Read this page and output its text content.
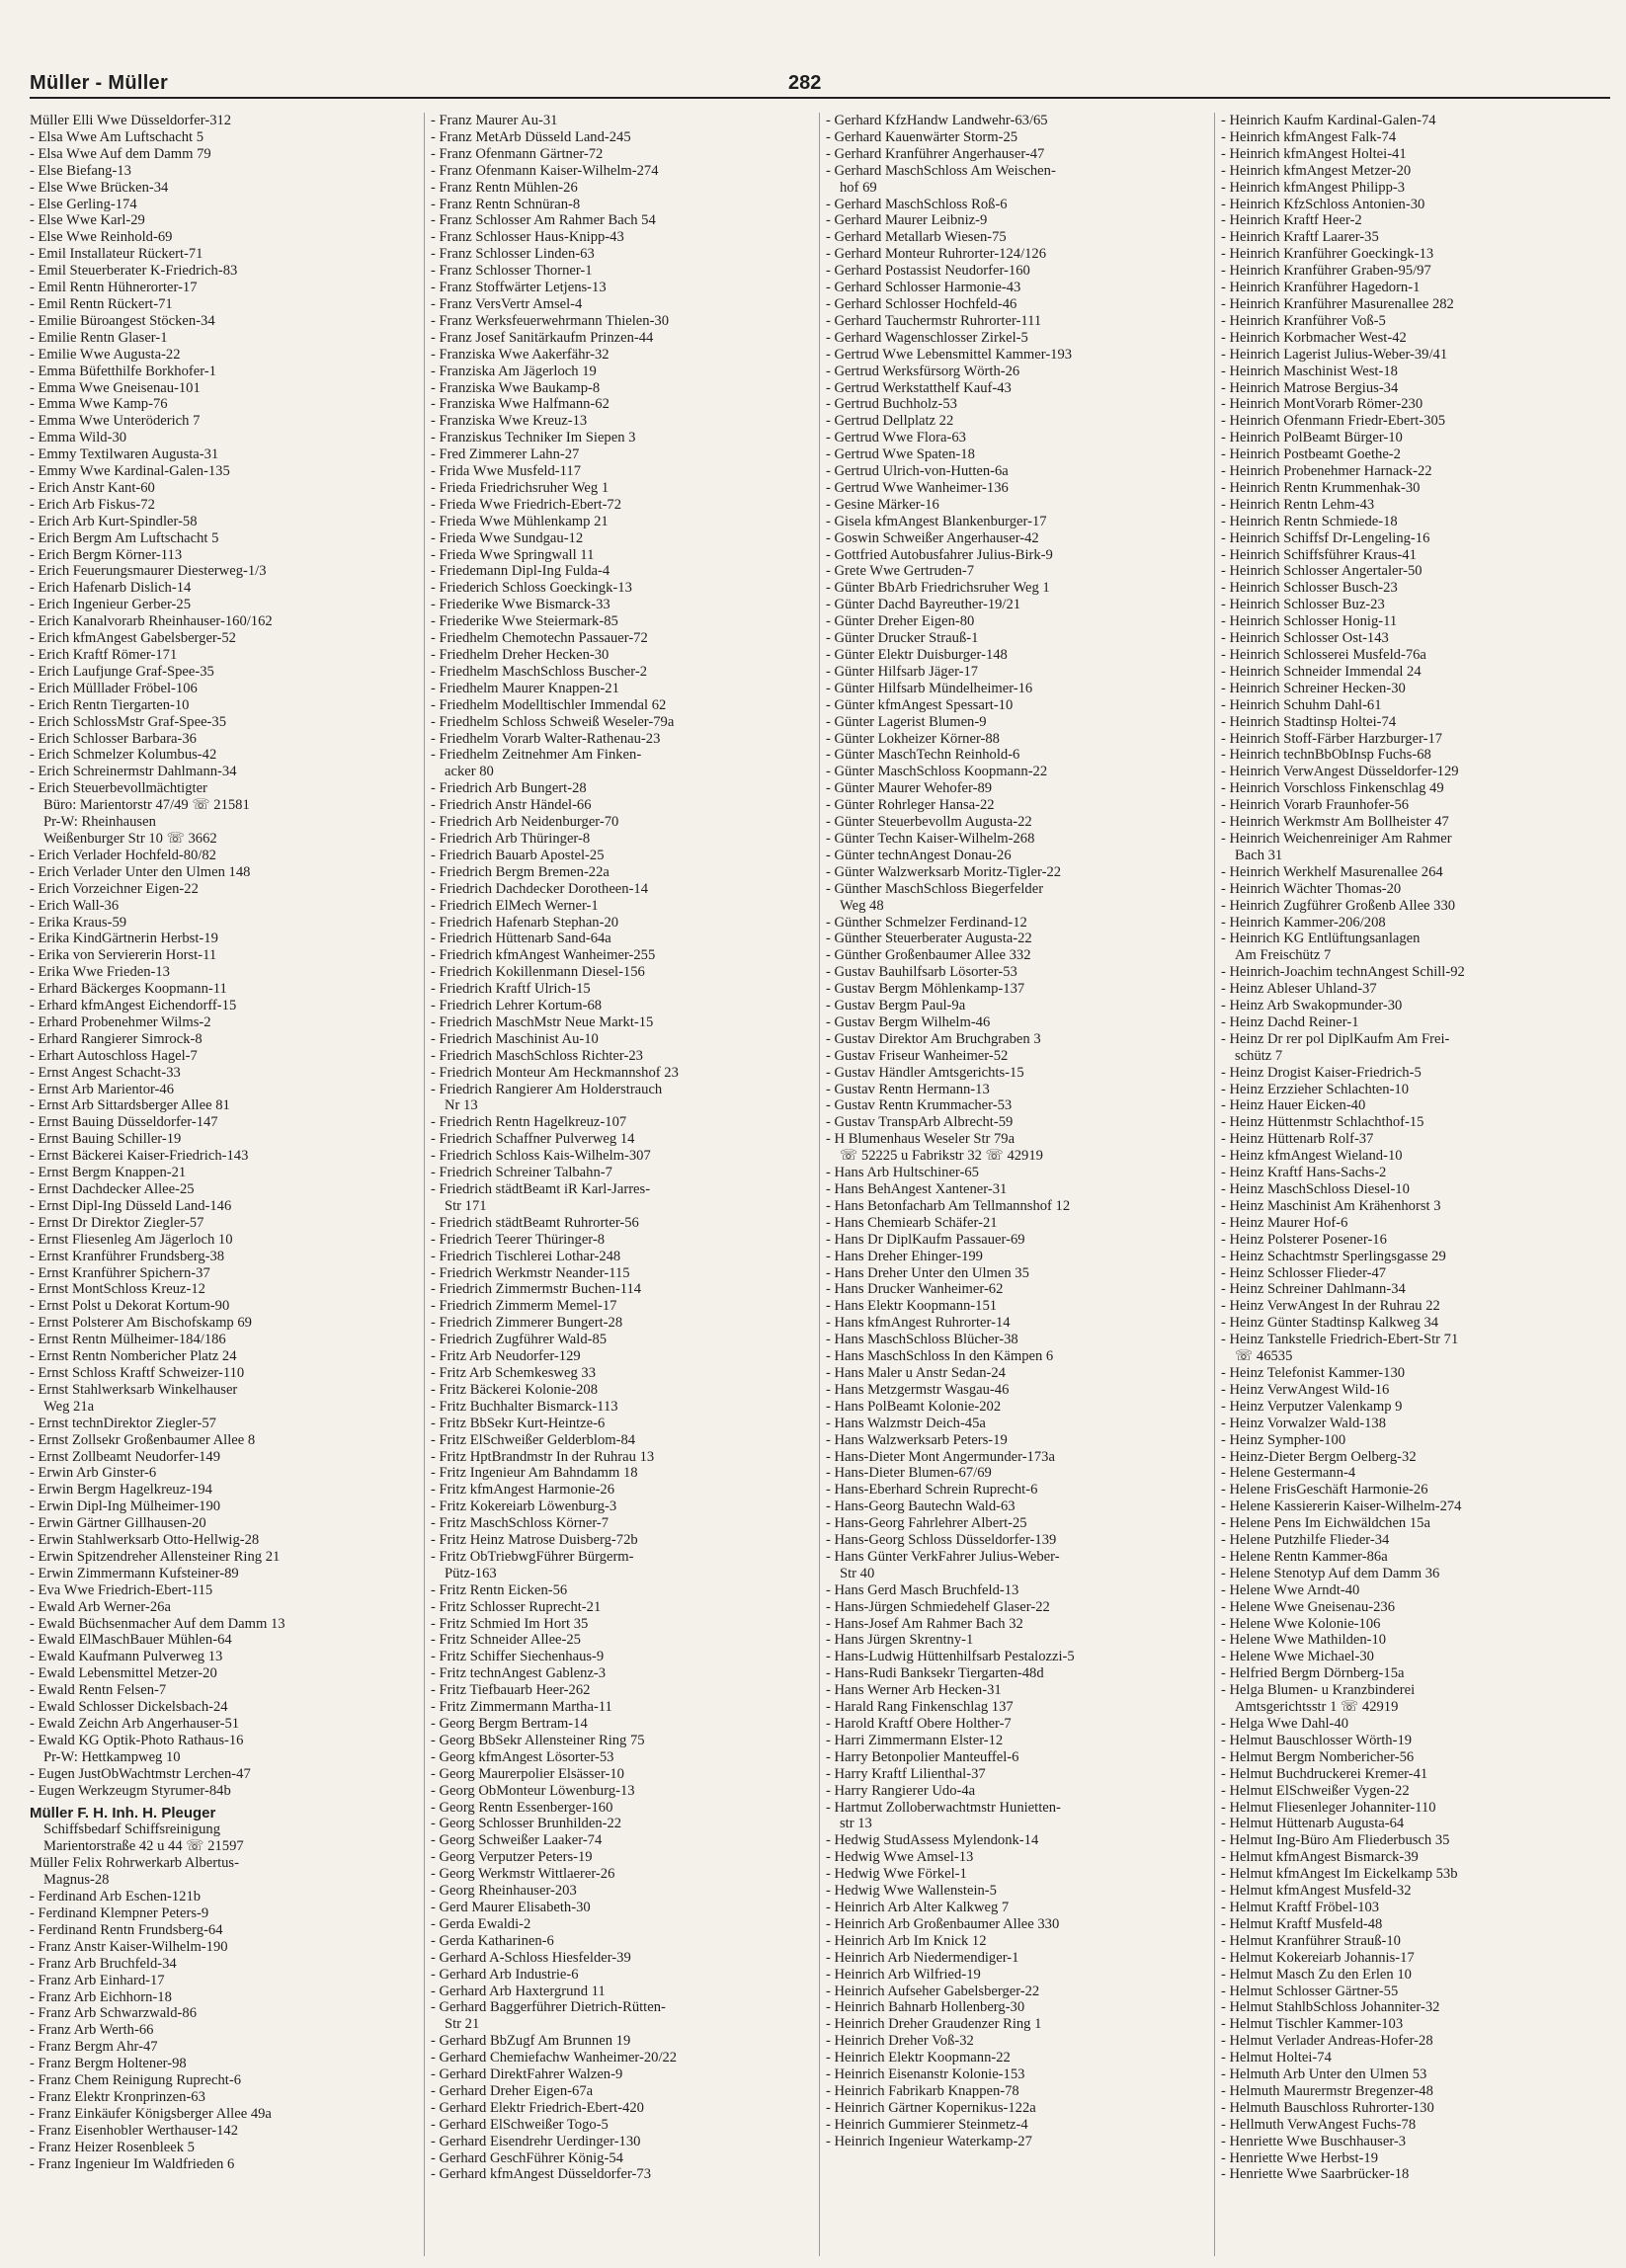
Müller - Müller	282

Müller Elli Wwe Düsseldorfer-312

- Elsa Wwe Am Luftschacht 5

- Elsa Wwe Auf dem Damm 79

- Else Biefang-13

- Else Wwe Brücken-34

- Else Gerling-174

- Else Wwe Karl-29

- Else Wwe Reinhold-69

- Emil Installateur Rückert-71

- Emil Steuerberater K-Friedrich-83

- Emil Rentn Hühnerorter-17

- Emil Rentn Rückert-71

- Emilie Büroangest Stöcken-34

- Emilie Rentn Glaser-1

- Emilie Wwe Augusta-22

- Emma Büfetthilfe Borkhofer-1

- Emma Wwe Gneisenau-101

- Emma Wwe Kamp-76

- Emma Wwe Unteröderich 7

- Emma Wild-30

- Emmy Textilwaren Augusta-31

- Emmy Wwe Kardinal-Galen-135

- Erich Anstr Kant-60

- Erich Arb Fiskus-72

- Erich Arb Kurt-Spindler-58

- Erich Bergm Am Luftschacht 5

- Erich Bergm Körner-113

- Erich Feuerungsmaurer Diesterweg-1/3

- Erich Hafenarb Dislich-14

- Erich Ingenieur Gerber-25

- Erich Kanalvorarb Rheinhauser-160/162

- Erich kfmAngest Gabelsberger-52

- Erich Kraftf Römer-171

- Erich Laufjunge Graf-Spee-35

- Erich Mülllader Fröbel-106

- Erich Rentn Tiergarten-10

- Erich SchlossMstr Graf-Spee-35

- Erich Schlosser Barbara-36

- Erich Schmelzer Kolumbus-42

- Erich Schreinermstr Dahlmann-34

- Erich Steuerbevollmächtigter

Büro: Marientorstr 47/49 ☏ 21581

Pr-W: Rheinhausen

Weißenburger Str 10 ☏ 3662

- Erich Verlader Hochfeld-80/82

- Erich Verlader Unter den Ulmen 148

- Erich Vorzeichner Eigen-22

- Erich Wall-36

- Erika Kraus-59

- Erika KindGärtnerin Herbst-19

- Erika von Serviererin Horst-11

- Erika Wwe Frieden-13

- Erhard Bäckerges Koopmann-11

- Erhard kfmAngest Eichendorff-15

- Erhard Probenehmer Wilms-2

- Erhard Rangierer Simrock-8

- Erhart Autoschloss Hagel-7

- Ernst Angest Schacht-33

- Ernst Arb Marientor-46

- Ernst Arb Sittardsberger Allee 81

- Ernst Bauing Düsseldorfer-147

- Ernst Bauing Schiller-19

- Ernst Bäckerei Kaiser-Friedrich-143

- Ernst Bergm Knappen-21

- Ernst Dachdecker Allee-25

- Ernst Dipl-Ing Düsseld Land-146

- Ernst Dr Direktor Ziegler-57

- Ernst Fliesenleg Am Jägerloch 10

- Ernst Kranführer Frundsberg-38

- Ernst Kranführer Spichern-37

- Ernst MontSchloss Kreuz-12

- Ernst Polst u Dekorat Kortum-90

- Ernst Polsterer Am Bischofskamp 69

- Ernst Rentn Mülheimer-184/186

- Ernst Rentn Nombericher Platz 24

- Ernst Schloss Kraftf Schweizer-110

- Ernst Stahlwerksarb Winkelhauser

Weg 21a

- Ernst technDirektor Ziegler-57

- Ernst Zollsekr Großenbaumer Allee 8

- Ernst Zollbeamt Neudorfer-149

- Erwin Arb Ginster-6

- Erwin Bergm Hagelkreuz-194

- Erwin Dipl-Ing Mülheimer-190

- Erwin Gärtner Gillhausen-20

- Erwin Stahlwerksarb Otto-Hellwig-28

- Erwin Spitzendreher Allensteiner Ring 21

- Erwin Zimmermann Kufsteiner-89

- Eva Wwe Friedrich-Ebert-115

- Ewald Arb Werner-26a

- Ewald Büchsenmacher Auf dem Damm 13

- Ewald ElMaschBauer Mühlen-64

- Ewald Kaufmann Pulverweg 13

- Ewald Lebensmittel Metzer-20

- Ewald Rentn Felsen-7

- Ewald Schlosser Dickelsbach-24

- Ewald Zeichn Arb Angerhauser-51

- Ewald KG Optik-Photo Rathaus-16

Pr-W: Hettkampweg 10

- Eugen JustObWachtmstr Lerchen-47

- Eugen Werkzeugm Styrumer-84b

Müller F. H. Inh. H. Pleuger

Schiffsbedarf Schiffsreinigung

Marientorstraße 42 u 44 ☏ 21597

Müller Felix Rohrwerkarb Albertus-

Magnus-28

- Ferdinand Arb Eschen-121b

- Ferdinand Klempner Peters-9

- Ferdinand Rentn Frundsberg-64

- Franz Anstr Kaiser-Wilhelm-190

- Franz Arb Bruchfeld-34

- Franz Arb Einhard-17

- Franz Arb Eichhorn-18

- Franz Arb Schwarzwald-86

- Franz Arb Werth-66

- Franz Bergm Ahr-47

- Franz Bergm Holtener-98

- Franz Chem Reinigung Ruprecht-6

- Franz Elektr Kronprinzen-63

- Franz Einkäufer Königsberger Allee 49a

- Franz Eisenhobler Werthauser-142

- Franz Heizer Rosenbleek 5

- Franz Ingenieur Im Waldfrieden 6

- Franz Maurer Au-31

- Franz MetArb Düsseld Land-245

- Franz Ofenmann Gärtner-72

- Franz Ofenmann Kaiser-Wilhelm-274

- Franz Rentn Mühlen-26

- Franz Rentn Schnüran-8

- Franz Schlosser Am Rahmer Bach 54

- Franz Schlosser Haus-Knipp-43

- Franz Schlosser Linden-63

- Franz Schlosser Thorner-1

- Franz Stoffwärter Letjens-13

- Franz VersVertr Amsel-4

- Franz Werksfeuerwehrmann Thielen-30

- Franz Josef Sanitärkaufm Prinzen-44

- Franziska Wwe Aakerfähr-32

- Franziska Am Jägerloch 19

- Franziska Wwe Baukamp-8

- Franziska Wwe Halfmann-62

- Franziska Wwe Kreuz-13

- Franziskus Techniker Im Siepen 3

- Fred Zimmerer Lahn-27

- Frida Wwe Musfeld-117

- Frieda Friedrichsruher Weg 1

- Frieda Wwe Friedrich-Ebert-72

- Frieda Wwe Mühlenkamp 21

- Frieda Wwe Sundgau-12

- Frieda Wwe Springwall 11

- Friedemann Dipl-Ing Fulda-4

- Friederich Schloss Goeckingk-13

- Friederike Wwe Bismarck-33

- Friederike Wwe Steiermark-85

- Friedhelm Chemotechn Passauer-72

- Friedhelm Dreher Hecken-30

- Friedhelm MaschSchloss Buscher-2

- Friedhelm Maurer Knappen-21

- Friedhelm Modelltischler Immendal 62

- Friedhelm Schloss Schweiß Weseler-79a

- Friedhelm Vorarb Walter-Rathenau-23

- Friedhelm Zeitnehmer Am Finken-

acker 80

- Friedrich Arb Bungert-28

- Friedrich Anstr Händel-66

- Friedrich Arb Neidenburger-70

- Friedrich Arb Thüringer-8

- Friedrich Bauarb Apostel-25

- Friedrich Bergm Bremen-22a

- Friedrich Dachdecker Dorotheen-14

- Friedrich ElMech Werner-1

- Friedrich Hafenarb Stephan-20

- Friedrich Hüttenarb Sand-64a

- Friedrich kfmAngest Wanheimer-255

- Friedrich Kokillenmann Diesel-156

- Friedrich Kraftf Ulrich-15

- Friedrich Lehrer Kortum-68

- Friedrich MaschMstr Neue Markt-15

- Friedrich Maschinist Au-10

- Friedrich MaschSchloss Richter-23

- Friedrich Monteur Am Heckmannshof 23

- Friedrich Rangierer Am Holderstrauch

Nr 13

- Friedrich Rentn Hagelkreuz-107

- Friedrich Schaffner Pulverweg 14

- Friedrich Schloss Kais-Wilhelm-307

- Friedrich Schreiner Talbahn-7

- Friedrich städtBeamt iR Karl-Jarres-

Str 171

- Friedrich städtBeamt Ruhrorter-56

- Friedrich Teerer Thüringer-8

- Friedrich Tischlerei Lothar-248

- Friedrich Werkmstr Neander-115

- Friedrich Zimmermstr Buchen-114

- Friedrich Zimmerm Memel-17

- Friedrich Zimmerer Bungert-28

- Friedrich Zugführer Wald-85

- Fritz Arb Neudorfer-129

- Fritz Arb Schemkesweg 33

- Fritz Bäckerei Kolonie-208

- Fritz Buchhalter Bismarck-113

- Fritz BbSekr Kurt-Heintze-6

- Fritz ElSchweißer Gelderblom-84

- Fritz HptBrandmstr In der Ruhrau 13

- Fritz Ingenieur Am Bahndamm 18

- Fritz kfmAngest Harmonie-26

- Fritz Kokereiarb Löwenburg-3

- Fritz MaschSchloss Körner-7

- Fritz Heinz Matrose Duisberg-72b

- Fritz ObTriebwgFührer Bürgerm-

Pütz-163

- Fritz Rentn Eicken-56

- Fritz Schlosser Ruprecht-21

- Fritz Schmied Im Hort 35

- Fritz Schneider Allee-25

- Fritz Schiffer Siechenhaus-9

- Fritz technAngest Gablenz-3

- Fritz Tiefbauarb Heer-262

- Fritz Zimmermann Martha-11

- Georg Bergm Bertram-14

- Georg BbSekr Allensteiner Ring 75

- Georg kfmAngest Lösorter-53

- Georg Maurerpolier Elsässer-10

- Georg ObMonteur Löwenburg-13

- Georg Rentn Essenberger-160

- Georg Schlosser Brunhilden-22

- Georg Schweißer Laaker-74

- Georg Verputzer Peters-19

- Georg Werkmstr Wittlaerer-26

- Georg Rheinhauser-203

- Gerd Maurer Elisabeth-30

- Gerda Ewaldi-2

- Gerda Katharinen-6

- Gerhard A-Schloss Hiesfelder-39

- Gerhard Arb Industrie-6

- Gerhard Arb Haxtergrund 11

- Gerhard Baggerführer Dietrich-Rütten-

Str 21

- Gerhard BbZugf Am Brunnen 19

- Gerhard Chemiefachw Wanheimer-20/22

- Gerhard DirektFahrer Walzen-9

- Gerhard Dreher Eigen-67a

- Gerhard Elektr Friedrich-Ebert-420

- Gerhard ElSchweißer Togo-5

- Gerhard Eisendrehr Uerdinger-130

- Gerhard GeschFührer König-54

- Gerhard kfmAngest Düsseldorfer-73

- Gerhard KfzHandw Landwehr-63/65

- Gerhard Kauenwärter Storm-25

- Gerhard Kranführer Angerhauser-47

- Gerhard MaschSchloss Am Weischen-

hof 69

- Gerhard MaschSchloss Roß-6

- Gerhard Maurer Leibniz-9

- Gerhard Metallarb Wiesen-75

- Gerhard Monteur Ruhrorter-124/126

- Gerhard Postassist Neudorfer-160

- Gerhard Schlosser Harmonie-43

- Gerhard Schlosser Hochfeld-46

- Gerhard Tauchermstr Ruhrorter-111

- Gerhard Wagenschlosser Zirkel-5

- Gertrud Wwe Lebensmittel Kammer-193

- Gertrud Werksfürsorg Wörth-26

- Gertrud Werkstatthelf Kauf-43

- Gertrud Buchholz-53

- Gertrud Dellplatz 22

- Gertrud Wwe Flora-63

- Gertrud Wwe Spaten-18

- Gertrud Ulrich-von-Hutten-6a

- Gertrud Wwe Wanheimer-136

- Gesine Märker-16

- Gisela kfmAngest Blankenburger-17

- Goswin Schweißer Angerhauser-42

- Gottfried Autobusfahrer Julius-Birk-9

- Grete Wwe Gertruden-7

- Günter BbArb Friedrichsruher Weg 1

- Günter Dachd Bayreuther-19/21

- Günter Dreher Eigen-80

- Günter Drucker Strauß-1

- Günter Elektr Duisburger-148

- Günter Hilfsarb Jäger-17

- Günter Hilfsarb Mündelheimer-16

- Günter kfmAngest Spessart-10

- Günter Lagerist Blumen-9

- Günter Lokheizer Körner-88

- Günter MaschTechn Reinhold-6

- Günter MaschSchloss Koopmann-22

- Günter Maurer Wehofer-89

- Günter Rohrleger Hansa-22

- Günter Steuerbevollm Augusta-22

- Günter Techn Kaiser-Wilhelm-268

- Günter technAngest Donau-26

- Günter Walzwerksarb Moritz-Tigler-22

- Günther MaschSchloss Biegerfelder

Weg 48

- Günther Schmelzer Ferdinand-12

- Günther Steuerberater Augusta-22

- Günther Großenbaumer Allee 332

- Gustav Bauhilfsarb Lösorter-53

- Gustav Bergm Möhlenkamp-137

- Gustav Bergm Paul-9a

- Gustav Bergm Wilhelm-46

- Gustav Direktor Am Bruchgraben 3

- Gustav Friseur Wanheimer-52

- Gustav Händler Amtsgerichts-15

- Gustav Rentn Hermann-13

- Gustav Rentn Krummacher-53

- Gustav TranspArb Albrecht-59

- H Blumenhaus Weseler Str 79a

☏ 52225 u Fabrikstr 32 ☏ 42919

- Hans Arb Hultschiner-65

- Hans BehAngest Xantener-31

- Hans Betonfacharb Am Tellmannshof 12

- Hans Chemiearb Schäfer-21

- Hans Dr DiplKaufm Passauer-69

- Hans Dreher Ehinger-199

- Hans Dreher Unter den Ulmen 35

- Hans Drucker Wanheimer-62

- Hans Elektr Koopmann-151

- Hans kfmAngest Ruhrorter-14

- Hans MaschSchloss Blücher-38

- Hans MaschSchloss In den Kämpen 6

- Hans Maler u Anstr Sedan-24

- Hans Metzgermstr Wasgau-46

- Hans PolBeamt Kolonie-202

- Hans Walzmstr Deich-45a

- Hans Walzwerksarb Peters-19

- Hans-Dieter Mont Angermunder-173a

- Hans-Dieter Blumen-67/69

- Hans-Eberhard Schrein Ruprecht-6

- Hans-Georg Bautechn Wald-63

- Hans-Georg Fahrlehrer Albert-25

- Hans-Georg Schloss Düsseldorfer-139

- Hans Günter VerkFahrer Julius-Weber-

Str 40

- Hans Gerd Masch Bruchfeld-13

- Hans-Jürgen Schmiedehelf Glaser-22

- Hans-Josef Am Rahmer Bach 32

- Hans Jürgen Skrentny-1

- Hans-Ludwig Hüttenhilfsarb Pestalozzi-5

- Hans-Rudi Banksekr Tiergarten-48d

- Hans Werner Arb Hecken-31

- Harald Rang Finkenschlag 137

- Harold Kraftf Obere Holther-7

- Harri Zimmermann Elster-12

- Harry Betonpolier Manteuffel-6

- Harry Kraftf Lilienthal-37

- Harry Rangierer Udo-4a

- Hartmut Zolloberwachtmstr Hunietten-

str 13

- Hedwig StudAssess Mylendonk-14

- Hedwig Wwe Amsel-13

- Hedwig Wwe Förkel-1

- Hedwig Wwe Wallenstein-5

- Heinrich Arb Alter Kalkweg 7

- Heinrich Arb Großenbaumer Allee 330

- Heinrich Arb Im Knick 12

- Heinrich Arb Niedermendiger-1

- Heinrich Arb Wilfried-19

- Heinrich Aufseher Gabelsberger-22

- Heinrich Bahnarb Hollenberg-30

- Heinrich Dreher Graudenzer Ring 1

- Heinrich Dreher Voß-32

- Heinrich Elektr Koopmann-22

- Heinrich Eisenanstr Kolonie-153

- Heinrich Fabrikarb Knappen-78

- Heinrich Gärtner Kopernikus-122a

- Heinrich Gummierer Steinmetz-4

- Heinrich Ingenieur Waterkamp-27

- Heinrich Kaufm Kardinal-Galen-74

- Heinrich kfmAngest Falk-74

- Heinrich kfmAngest Holtei-41

- Heinrich kfmAngest Metzer-20

- Heinrich kfmAngest Philipp-3

- Heinrich KfzSchloss Antonien-30

- Heinrich Kraftf Heer-2

- Heinrich Kraftf Laarer-35

- Heinrich Kranführer Goeckingk-13

- Heinrich Kranführer Graben-95/97

- Heinrich Kranführer Hagedorn-1

- Heinrich Kranführer Masurenallee 282

- Heinrich Kranführer Voß-5

- Heinrich Korbmacher West-42

- Heinrich Lagerist Julius-Weber-39/41

- Heinrich Maschinist West-18

- Heinrich Matrose Bergius-34

- Heinrich MontVorarb Römer-230

- Heinrich Ofenmann Friedr-Ebert-305

- Heinrich PolBeamt Bürger-10

- Heinrich Postbeamt Goethe-2

- Heinrich Probenehmer Harnack-22

- Heinrich Rentn Krummenhak-30

- Heinrich Rentn Lehm-43

- Heinrich Rentn Schmiede-18

- Heinrich Schiffsf Dr-Lengeling-16

- Heinrich Schiffsführer Kraus-41

- Heinrich Schlosser Angertaler-50

- Heinrich Schlosser Busch-23

- Heinrich Schlosser Buz-23

- Heinrich Schlosser Honig-11

- Heinrich Schlosser Ost-143

- Heinrich Schlosserei Musfeld-76a

- Heinrich Schneider Immendal 24

- Heinrich Schreiner Hecken-30

- Heinrich Schuhm Dahl-61

- Heinrich Stadtinsp Holtei-74

- Heinrich Stoff-Färber Harzburger-17

- Heinrich technBbObInsp Fuchs-68

- Heinrich VerwAngest Düsseldorfer-129

- Heinrich Vorschloss Finkenschlag 49

- Heinrich Vorarb Fraunhofer-56

- Heinrich Werkmstr Am Bollheister 47

- Heinrich Weichenreiniger Am Rahmer

Bach 31

- Heinrich Werkhelf Masurenallee 264

- Heinrich Wächter Thomas-20

- Heinrich Zugführer Großenb Allee 330

- Heinrich Kammer-206/208

- Heinrich KG Entlüftungsanlagen

Am Freischütz 7

- Heinrich-Joachim technAngest Schill-92

- Heinz Ableser Uhland-37

- Heinz Arb Swakopmunder-30

- Heinz Dachd Reiner-1

- Heinz Dr rer pol DiplKaufm Am Frei-

schütz 7

- Heinz Drogist Kaiser-Friedrich-5

- Heinz Erzzieher Schlachten-10

- Heinz Hauer Eicken-40

- Heinz Hüttenmstr Schlachthof-15

- Heinz Hüttenarb Rolf-37

- Heinz kfmAngest Wieland-10

- Heinz Kraftf Hans-Sachs-2

- Heinz MaschSchloss Diesel-10

- Heinz Maschinist Am Krähenhorst 3

- Heinz Maurer Hof-6

- Heinz Polsterer Posener-16

- Heinz Schachtmstr Sperlingsgasse 29

- Heinz Schlosser Flieder-47

- Heinz Schreiner Dahlmann-34

- Heinz VerwAngest In der Ruhrau 22

- Heinz Günter Stadtinsp Kalkweg 34

- Heinz Tankstelle Friedrich-Ebert-Str 71

☏ 46535

- Heinz Telefonist Kammer-130

- Heinz VerwAngest Wild-16

- Heinz Verputzer Valenkamp 9

- Heinz Vorwalzer Wald-138

- Heinz Sympher-100

- Heinz-Dieter Bergm Oelberg-32

- Helene Gestermann-4

- Helene FrisGeschäft Harmonie-26

- Helene Kassiererin Kaiser-Wilhelm-274

- Helene Pens Im Eichwäldchen 15a

- Helene Putzhilfe Flieder-34

- Helene Rentn Kammer-86a

- Helene Stenotyp Auf dem Damm 36

- Helene Wwe Arndt-40

- Helene Wwe Gneisenau-236

- Helene Wwe Kolonie-106

- Helene Wwe Mathilden-10

- Helene Wwe Michael-30

- Helfried Bergm Dörnberg-15a

- Helga Blumen- u Kranzbinderei

Amtsgerichtsstr 1 ☏ 42919

- Helga Wwe Dahl-40

- Helmut Bauschlosser Wörth-19

- Helmut Bergm Nombericher-56

- Helmut Buchdruckerei Kremer-41

- Helmut ElSchweißer Vygen-22

- Helmut Fliesenleger Johanniter-110

- Helmut Hüttenarb Augusta-64

- Helmut Ing-Büro Am Fliederbusch 35

- Helmut kfmAngest Bismarck-39

- Helmut kfmAngest Im Eickelkamp 53b

- Helmut kfmAngest Musfeld-32

- Helmut Kraftf Fröbel-103

- Helmut Kraftf Musfeld-48

- Helmut Kranführer Strauß-10

- Helmut Kokereiarb Johannis-17

- Helmut Masch Zu den Erlen 10

- Helmut Schlosser Gärtner-55

- Helmut StahlbSchloss Johanniter-32

- Helmut Tischler Kammer-103

- Helmut Verlader Andreas-Hofer-28

- Helmut Holtei-74

- Helmuth Arb Unter den Ulmen 53

- Helmuth Maurermstr Bregenzer-48

- Helmuth Bauschloss Ruhrorter-130

- Hellmuth VerwAngest Fuchs-78

- Henriette Wwe Buschhauser-3

- Henriette Wwe Herbst-19

- Henriette Wwe Saarbrücker-18
